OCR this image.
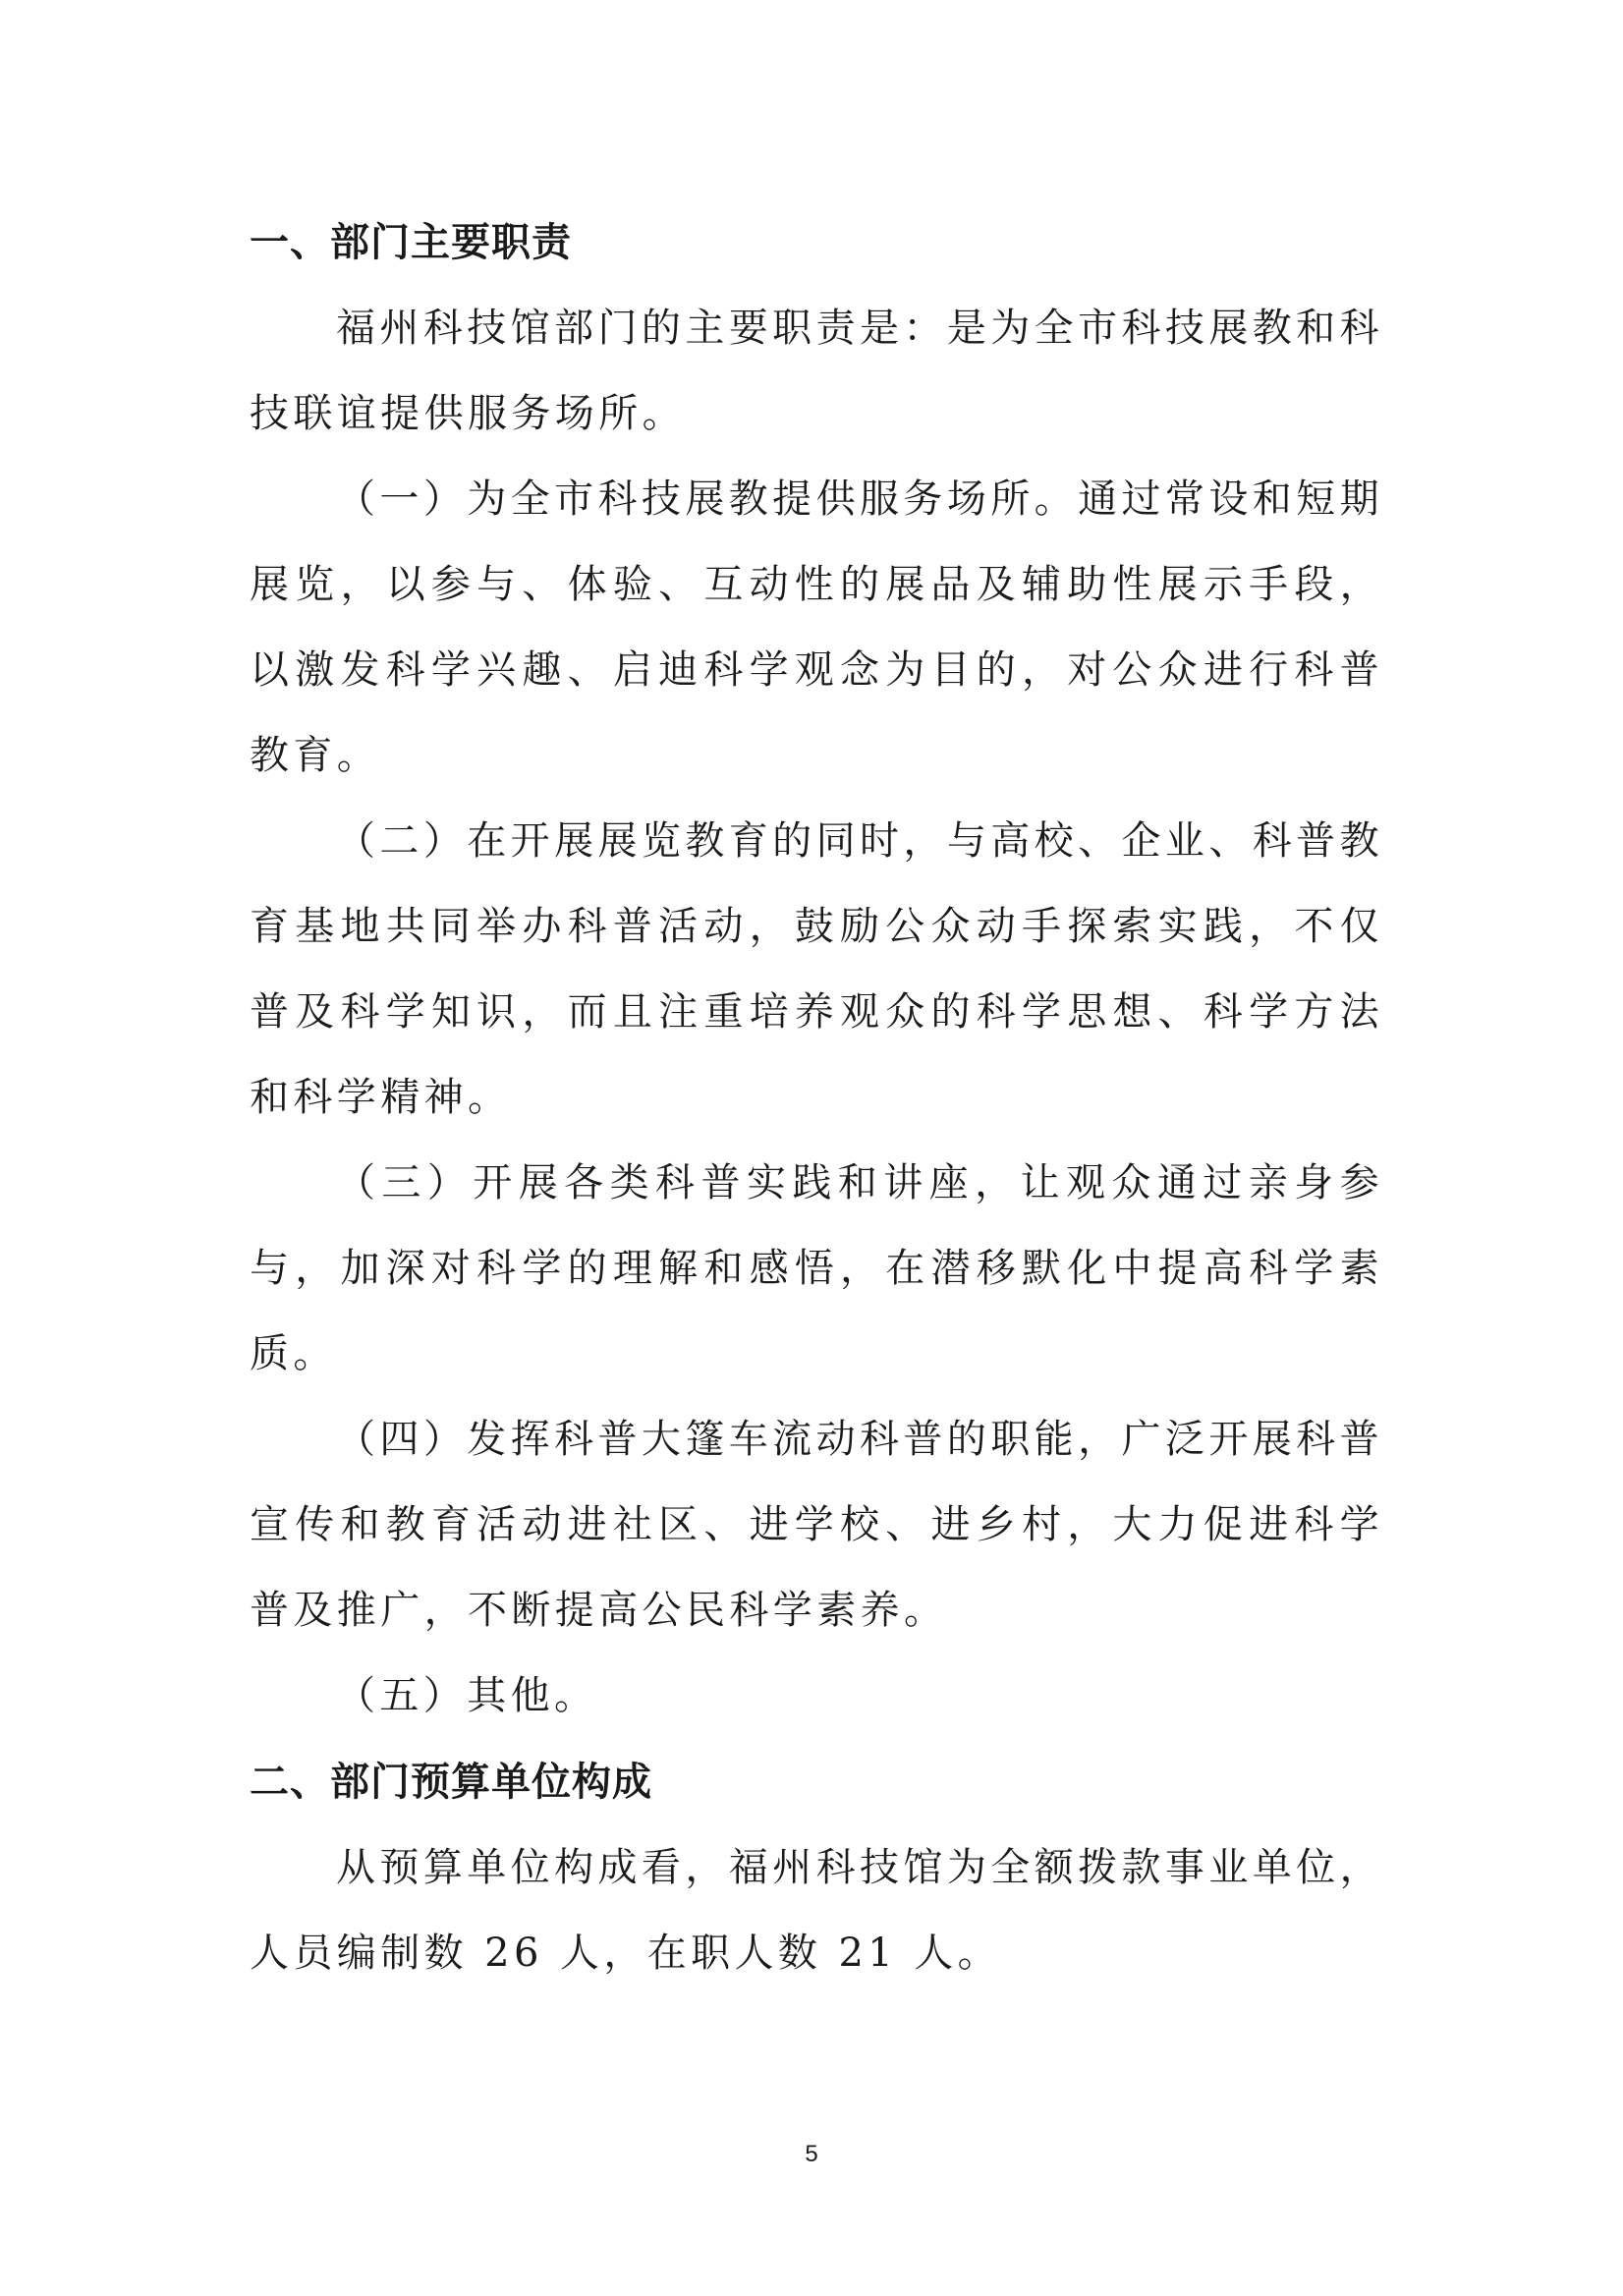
一、部门主要职责

福州科技馆部门的主要职责是：是为全市科技展教和科技联谊提供服务场所。

（一）为全市科技展教提供服务场所。通过常设和短期展览，以参与、体验、互动性的展品及辅助性展示手段，以激发科学兴趣、启迪科学观念为目的，对公众进行科普教育。

（二）在开展展览教育的同时，与高校、企业、科普教育基地共同举办科普活动，鼓励公众动手探索实践，不仅普及科学知识，而且注重培养观众的科学思想、科学方法和科学精神。

（三）开展各类科普实践和讲座，让观众通过亲身参与，加深对科学的理解和感悟，在潜移默化中提高科学素质。

（四）发挥科普大篷车流动科普的职能，广泛开展科普宣传和教育活动进社区、进学校、进乡村，大力促进科学普及推广，不断提高公民科学素养。

（五）其他。

二、部门预算单位构成

从预算单位构成看，福州科技馆为全额拨款事业单位，人员编制数 26 人，在职人数 21 人。

5
